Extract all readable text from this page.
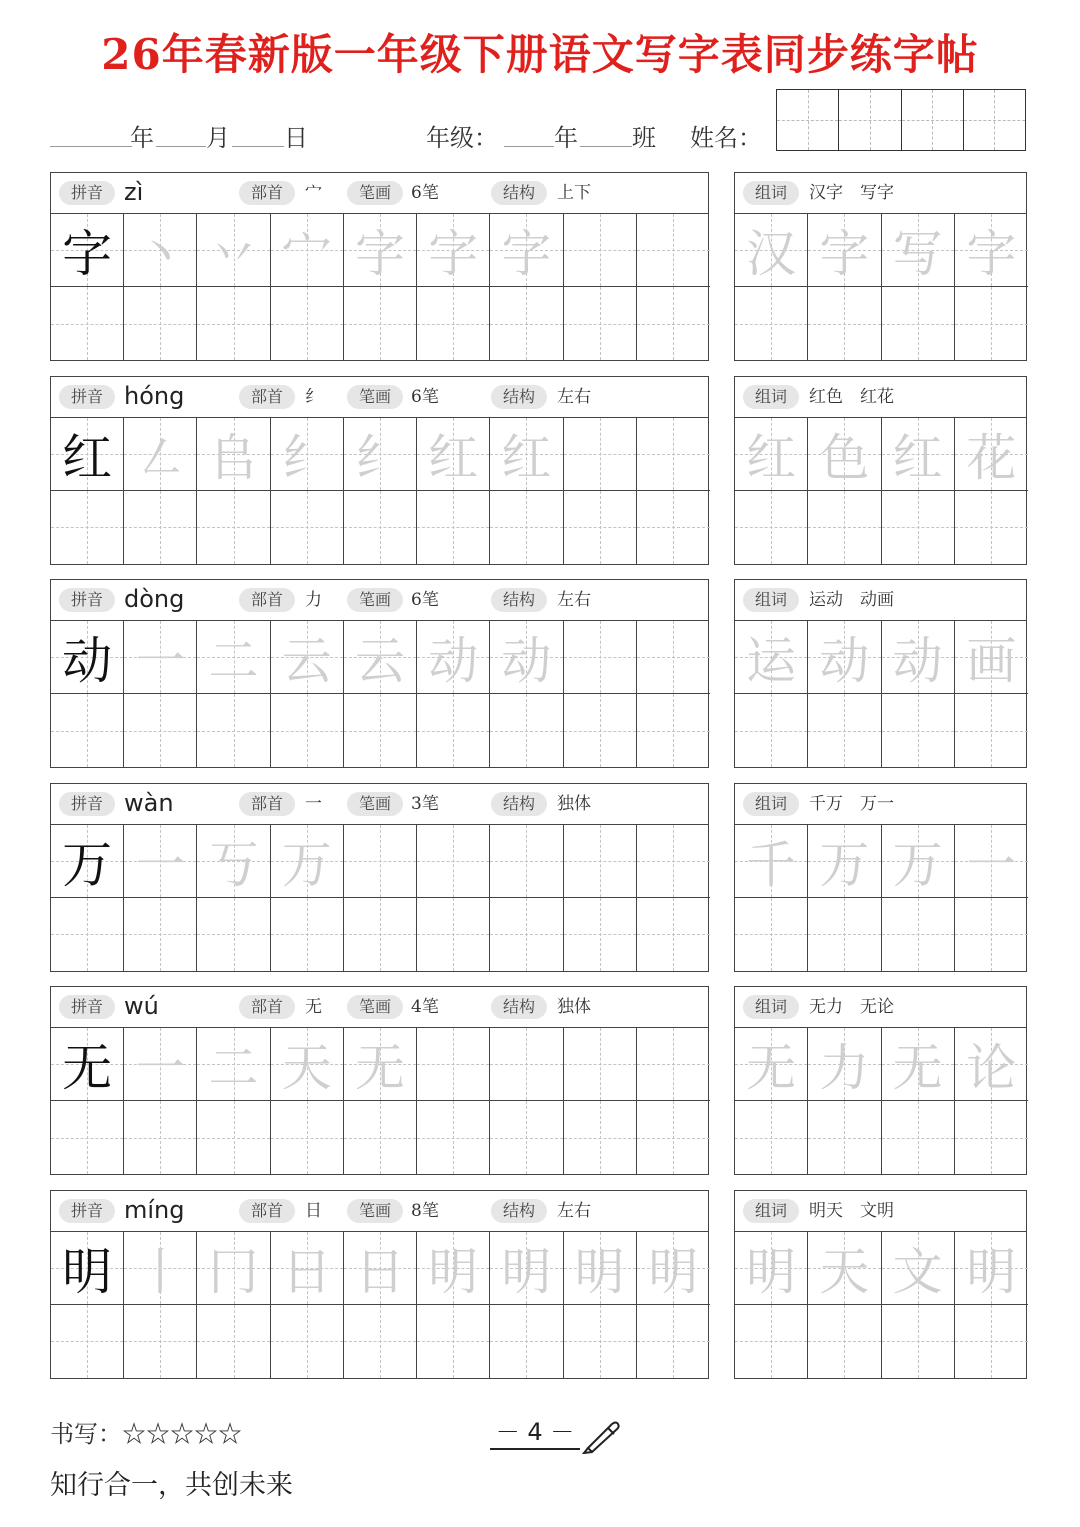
26年春新版一年级下册语文写字表同步练字帖
年 月 日	年级： 年 班 姓名：
拼音 zì	部首	宀	笔画	6笔	结构	上下
字 丶 丷 宀 字 字 字
组词	汉字　写字
汉 字 写 字
拼音 hóng	部首	纟	笔画	6笔	结构	左右
红 ㇜ 𠂤 纟 纟 红 红
组词	红色　红花
红 色 红 花
拼音 dòng	部首	力	笔画	6笔	结构	左右
动 一 二 云 云 动 动
组词	运动　动画
运 动 动 画
拼音 wàn	部首	一	笔画	3笔	结构	独体
万 一 丂 万
组词	千万　万一
千 万 万 一
拼音 wú	部首	无	笔画	4笔	结构	独体
无 一 二 天 无
组词	无力　无论
无 力 无 论
拼音 míng	部首	日	笔画	8笔	结构	左右
明 丨 冂 日 日 明 明 明 明
组词	明天　文明
明 天 文 明
书写：☆☆☆☆☆	－ 4 －
知行合一，共创未来
